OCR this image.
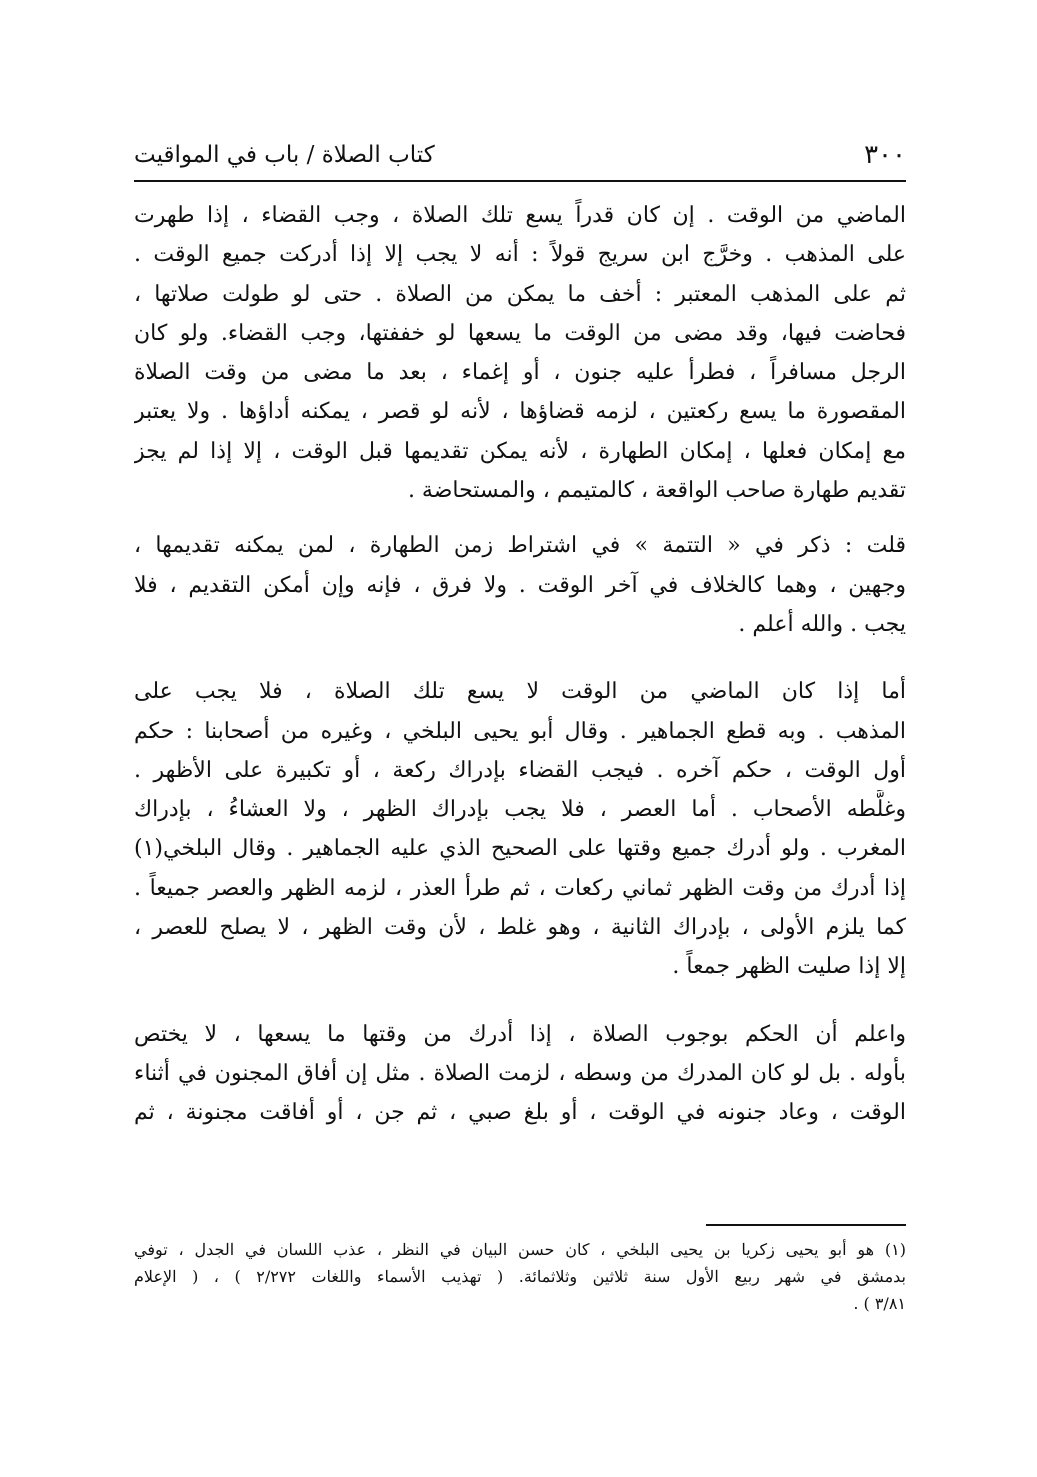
كتاب الصلاة / باب في المواقيت	٣٠٠
الماضي من الوقت . إن كان قدراً يسع تلك الصلاة ، وجب القضاء ، إذا طهرت
على المذهب . وخرَّج ابن سريج قولاً : أنه لا يجب إلا إذا أدركت جميع الوقت .
ثم على المذهب المعتبر : أخف ما يمكن من الصلاة . حتى لو طولت صلاتها ،
فحاضت فيها، وقد مضى من الوقت ما يسعها لو خففتها، وجب القضاء. ولو كان
الرجل مسافراً ، فطرأ عليه جنون ، أو إغماء ، بعد ما مضى من وقت الصلاة
المقصورة ما يسع ركعتين ، لزمه قضاؤها ، لأنه لو قصر ، يمكنه أداؤها . ولا يعتبر
مع إمكان فعلها ، إمكان الطهارة ، لأنه يمكن تقديمها قبل الوقت ، إلا إذا لم يجز
تقديم طهارة صاحب الواقعة ، كالمتيمم ، والمستحاضة .
قلت : ذكر في « التتمة » في اشتراط زمن الطهارة ، لمن يمكنه تقديمها ،
وجهين ، وهما كالخلاف في آخر الوقت . ولا فرق ، فإنه وإن أمكن التقديم ، فلا
يجب . والله أعلم .
أما إذا كان الماضي من الوقت لا يسع تلك الصلاة ، فلا يجب على
المذهب . وبه قطع الجماهير . وقال أبو يحيى البلخي ، وغيره من أصحابنا : حكم
أول الوقت ، حكم آخره . فيجب القضاء بإدراك ركعة ، أو تكبيرة على الأظهر .
وغلَّطه الأصحاب . أما العصر ، فلا يجب بإدراك الظهر ، ولا العشاءُ ، بإدراك
المغرب . ولو أدرك جميع وقتها على الصحيح الذي عليه الجماهير . وقال البلخي(١)
إذا أدرك من وقت الظهر ثماني ركعات ، ثم طرأ العذر ، لزمه الظهر والعصر جميعاً .
كما يلزم الأولى ، بإدراك الثانية ، وهو غلط ، لأن وقت الظهر ، لا يصلح للعصر ،
إلا إذا صليت الظهر جمعاً .
واعلم أن الحكم بوجوب الصلاة ، إذا أدرك من وقتها ما يسعها ، لا يختص
بأوله . بل لو كان المدرك من وسطه ، لزمت الصلاة . مثل إن أفاق المجنون في أثناء
الوقت ، وعاد جنونه في الوقت ، أو بلغ صبي ، ثم جن ، أو أفاقت مجنونة ، ثم
(١) هو أبو يحيى زكريا بن يحيى البلخي ، كان حسن البيان في النظر ، عذب اللسان في الجدل ، توفي
بدمشق في شهر ربيع الأول سنة ثلاثين وثلاثمائة. ( تهذيب الأسماء واللغات ٢/٢٧٢ ) ، ( الإعلام
٣/٨١ ) .
